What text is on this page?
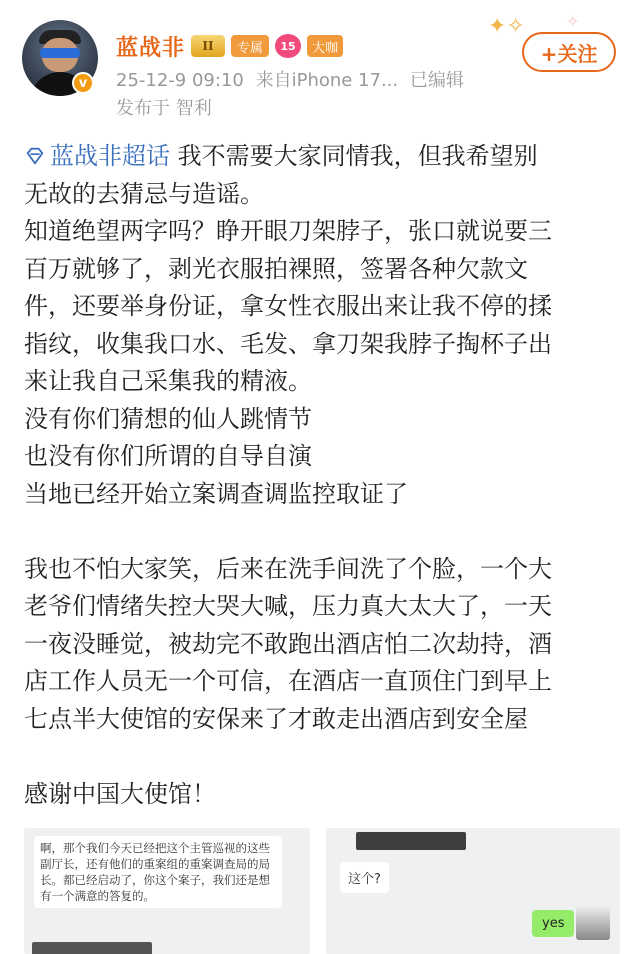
v
蓝战非	II	专属	15	大咖
25-12-9 09:10 来自iPhone 17... 已编辑
发布于 智利
✦✧	✧
+关注

蓝战非超话 我不需要大家同情我，但我希望别

无故的去猜忌与造谣。

知道绝望两字吗？睁开眼刀架脖子，张口就说要三

百万就够了，剥光衣服拍裸照，签署各种欠款文

件，还要举身份证，拿女性衣服出来让我不停的揉

指纹，收集我口水、毛发、拿刀架我脖子掏杯子出

来让我自己采集我的精液。

没有你们猜想的仙人跳情节

也没有你们所谓的自导自演

当地已经开始立案调查调监控取证了

我也不怕大家笑，后来在洗手间洗了个脸，一个大

老爷们情绪失控大哭大喊，压力真大太大了，一天

一夜没睡觉，被劫完不敢跑出酒店怕二次劫持，酒

店工作人员无一个可信，在酒店一直顶住门到早上

七点半大使馆的安保来了才敢走出酒店到安全屋

感谢中国大使馆！

啊，那个我们今天已经把这个主管巡视的这些副厅长，还有他们的重案组的重案调查局的局长。都已经启动了，你这个案子，我们还是想有一个满意的答复的。
这个?
yes
